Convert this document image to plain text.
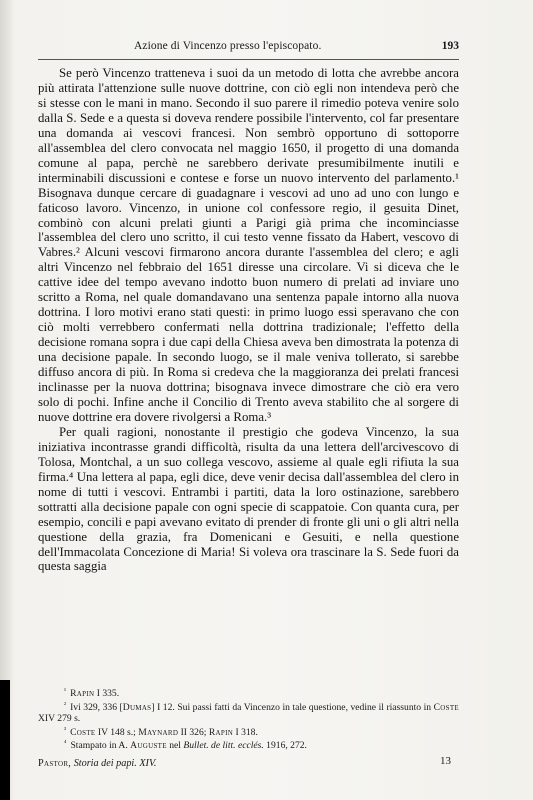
Azione di Vincenzo presso l'episcopato.	193

Se però Vincenzo tratteneva i suoi da un metodo di lotta che avrebbe ancora più attirata l'attenzione sulle nuove dottrine, con ciò egli non intendeva però che si stesse con le mani in mano. Secondo il suo parere il rimedio poteva venire solo dalla S. Sede e a questa si doveva rendere possibile l'intervento, col far presentare una domanda ai vescovi francesi. Non sembrò opportuno di sottoporre all'assemblea del clero convocata nel maggio 1650, il progetto di una domanda comune al papa, perchè ne sarebbero derivate presumibilmente inutili e interminabili discussioni e contese e forse un nuovo intervento del parlamento.¹ Bisognava dunque cercare di guadagnare i vescovi ad uno ad uno con lungo e faticoso lavoro. Vincenzo, in unione col confessore regio, il gesuita Dinet, combinò con alcuni prelati giunti a Parigi già prima che incominciasse l'assemblea del clero uno scritto, il cui testo venne fissato da Habert, vescovo di Vabres.² Alcuni vescovi firmarono ancora durante l'assemblea del clero; e agli altri Vincenzo nel febbraio del 1651 diresse una circolare. Vi si diceva che le cattive idee del tempo avevano indotto buon numero di prelati ad inviare uno scritto a Roma, nel quale domandavano una sentenza papale intorno alla nuova dottrina. I loro motivi erano stati questi: in primo luogo essi speravano che con ciò molti verrebbero confermati nella dottrina tradizionale; l'effetto della decisione romana sopra i due capi della Chiesa aveva ben dimostrata la potenza di una decisione papale. In secondo luogo, se il male veniva tollerato, si sarebbe diffuso ancora di più. In Roma si credeva che la maggioranza dei prelati francesi inclinasse per la nuova dottrina; bisognava invece dimostrare che ciò era vero solo di pochi. Infine anche il Concilio di Trento aveva stabilito che al sorgere di nuove dottrine era dovere rivolgersi a Roma.³

Per quali ragioni, nonostante il prestigio che godeva Vincenzo, la sua iniziativa incontrasse grandi difficoltà, risulta da una lettera dell'arcivescovo di Tolosa, Montchal, a un suo collega vescovo, assieme al quale egli rifiuta la sua firma.⁴ Una lettera al papa, egli dice, deve venir decisa dall'assemblea del clero in nome di tutti i vescovi. Entrambi i partiti, data la loro ostinazione, sarebbero sottratti alla decisione papale con ogni specie di scappatoie. Con quanta cura, per esempio, concili e papi avevano evitato di prender di fronte gli uni o gli altri nella questione della grazia, fra Domenicani e Gesuiti, e nella questione dell'Immacolata Concezione di Maria! Si voleva ora trascinare la S. Sede fuori da questa saggia

$^{^1}$ Rapin I 335.

$^{^2}$ Ivi 329, 336 [Dumas] I 12. Sui passi fatti da Vincenzo in tale questione, vedine il riassunto in Coste XIV 279 s.

$^{^3}$ Coste IV 148 s.; Maynard II 326; Rapin I 318.

$^{^4}$ Stampato in A. Auguste nel Bullet. de litt. ecclés. 1916, 272.

Pastor, Storia dei papi. XIV.	13
